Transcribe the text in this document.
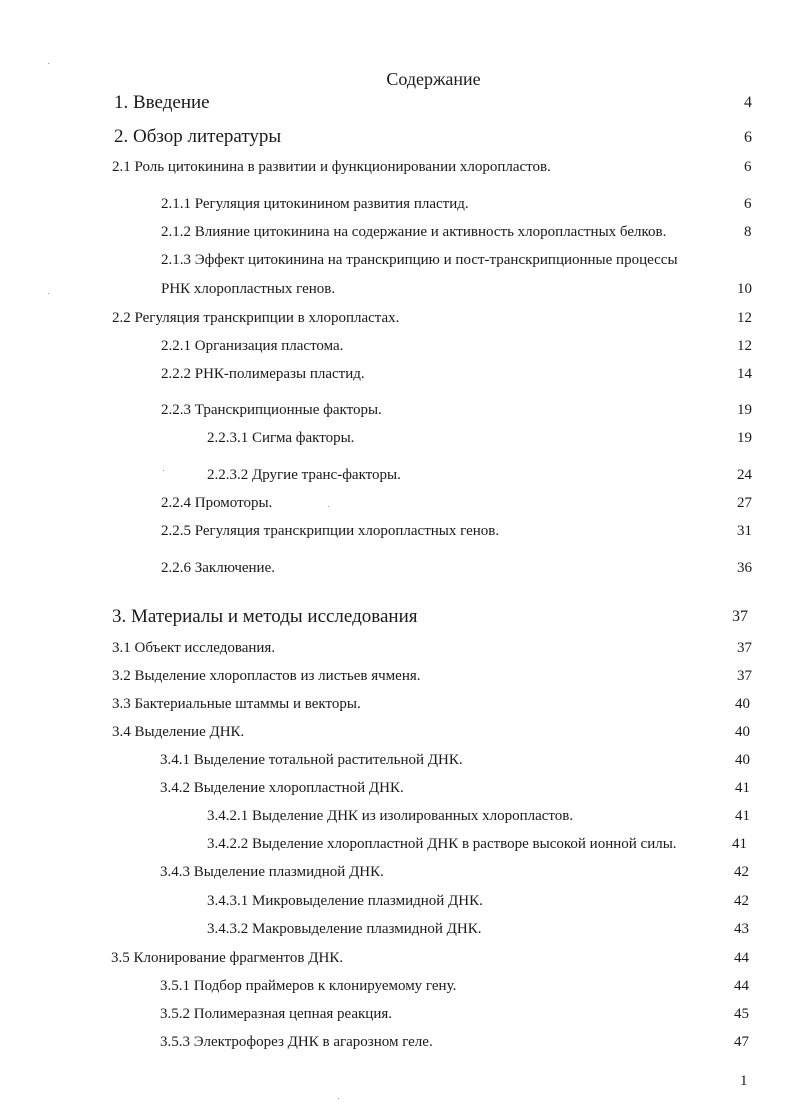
Содержание
1. Введение	4
2. Обзор литературы	6
2.1 Роль цитокинина в развитии и функционировании хлоропластов.	6
2.1.1 Регуляция цитокинином развития пластид.	6
2.1.2 Влияние цитокинина на содержание и активность хлоропластных белков.	8
2.1.3 Эффект цитокинина на транскрипцию и пост-транскрипционные процессы
РНК хлоропластных генов.	10
2.2 Регуляция транскрипции в хлоропластах.	12
2.2.1 Организация пластома.	12
2.2.2 РНК-полимеразы пластид.	14
2.2.3 Транскрипционные факторы.	19
2.2.3.1 Сигма факторы.	19
2.2.3.2 Другие транс-факторы.	24
2.2.4 Промоторы.	27
2.2.5 Регуляция транскрипции хлоропластных генов.	31
2.2.6 Заключение.	36
3. Материалы и методы исследования	37
3.1 Объект исследования.	37
3.2 Выделение хлоропластов из листьев ячменя.	37
3.3 Бактериальные штаммы и векторы.	40
3.4 Выделение ДНК.	40
3.4.1 Выделение тотальной растительной ДНК.	40
3.4.2 Выделение хлоропластной ДНК.	41
3.4.2.1 Выделение ДНК из изолированных хлоропластов.	41
3.4.2.2 Выделение хлоропластной ДНК в растворе высокой ионной силы.	41
3.4.3 Выделение плазмидной ДНК.	42
3.4.3.1 Микровыделение плазмидной ДНК.	42
3.4.3.2 Макровыделение плазмидной ДНК.	43
3.5 Клонирование фрагментов ДНК.	44
3.5.1 Подбор праймеров к клонируемому гену.	44
3.5.2 Полимеразная цепная реакция.	45
3.5.3 Электрофорез ДНК в агарозном геле.	47
1
